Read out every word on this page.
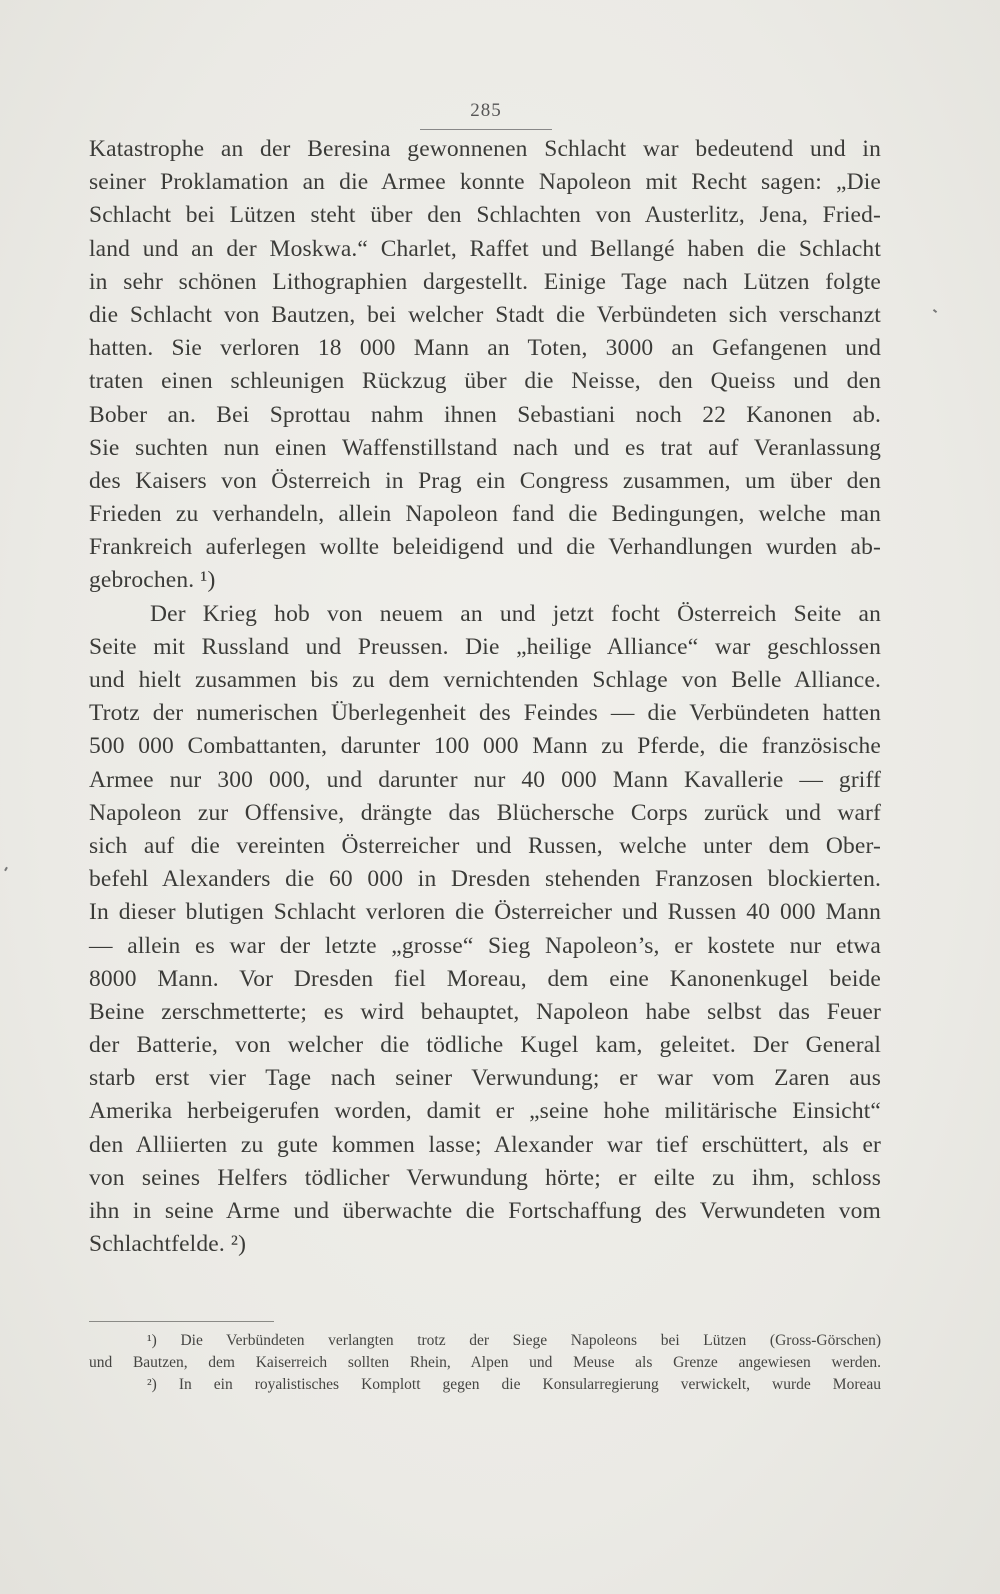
285
Katastrophe an der Beresina gewonnenen Schlacht war bedeutend und in
seiner Proklamation an die Armee konnte Napoleon mit Recht sagen: „Die
Schlacht bei Lützen steht über den Schlachten von Austerlitz, Jena, Fried-
land und an der Moskwa.“ Charlet, Raffet und Bellangé haben die Schlacht
in sehr schönen Lithographien dargestellt. Einige Tage nach Lützen folgte
die Schlacht von Bautzen, bei welcher Stadt die Verbündeten sich verschanzt
hatten. Sie verloren 18 000 Mann an Toten, 3000 an Gefangenen und
traten einen schleunigen Rückzug über die Neisse, den Queiss und den
Bober an. Bei Sprottau nahm ihnen Sebastiani noch 22 Kanonen ab.
Sie suchten nun einen Waffenstillstand nach und es trat auf Veranlassung
des Kaisers von Österreich in Prag ein Congress zusammen, um über den
Frieden zu verhandeln, allein Napoleon fand die Bedingungen, welche man
Frankreich auferlegen wollte beleidigend und die Verhandlungen wurden ab-
gebrochen. ¹)
Der Krieg hob von neuem an und jetzt focht Österreich Seite an
Seite mit Russland und Preussen. Die „heilige Alliance“ war geschlossen
und hielt zusammen bis zu dem vernichtenden Schlage von Belle Alliance.
Trotz der numerischen Überlegenheit des Feindes — die Verbündeten hatten
500 000 Combattanten, darunter 100 000 Mann zu Pferde, die französische
Armee nur 300 000, und darunter nur 40 000 Mann Kavallerie — griff
Napoleon zur Offensive, drängte das Blüchersche Corps zurück und warf
sich auf die vereinten Österreicher und Russen, welche unter dem Ober-
befehl Alexanders die 60 000 in Dresden stehenden Franzosen blockierten.
In dieser blutigen Schlacht verloren die Österreicher und Russen 40 000 Mann
— allein es war der letzte „grosse“ Sieg Napoleon’s, er kostete nur etwa
8000 Mann. Vor Dresden fiel Moreau, dem eine Kanonenkugel beide
Beine zerschmetterte; es wird behauptet, Napoleon habe selbst das Feuer
der Batterie, von welcher die tödliche Kugel kam, geleitet. Der General
starb erst vier Tage nach seiner Verwundung; er war vom Zaren aus
Amerika herbeigerufen worden, damit er „seine hohe militärische Einsicht“
den Alliierten zu gute kommen lasse; Alexander war tief erschüttert, als er
von seines Helfers tödlicher Verwundung hörte; er eilte zu ihm, schloss
ihn in seine Arme und überwachte die Fortschaffung des Verwundeten vom
Schlachtfelde. ²)
¹) Die Verbündeten verlangten trotz der Siege Napoleons bei Lützen (Gross-Görschen)
und Bautzen, dem Kaiserreich sollten Rhein, Alpen und Meuse als Grenze angewiesen werden.
²) In ein royalistisches Komplott gegen die Konsularregierung verwickelt, wurde Moreau
